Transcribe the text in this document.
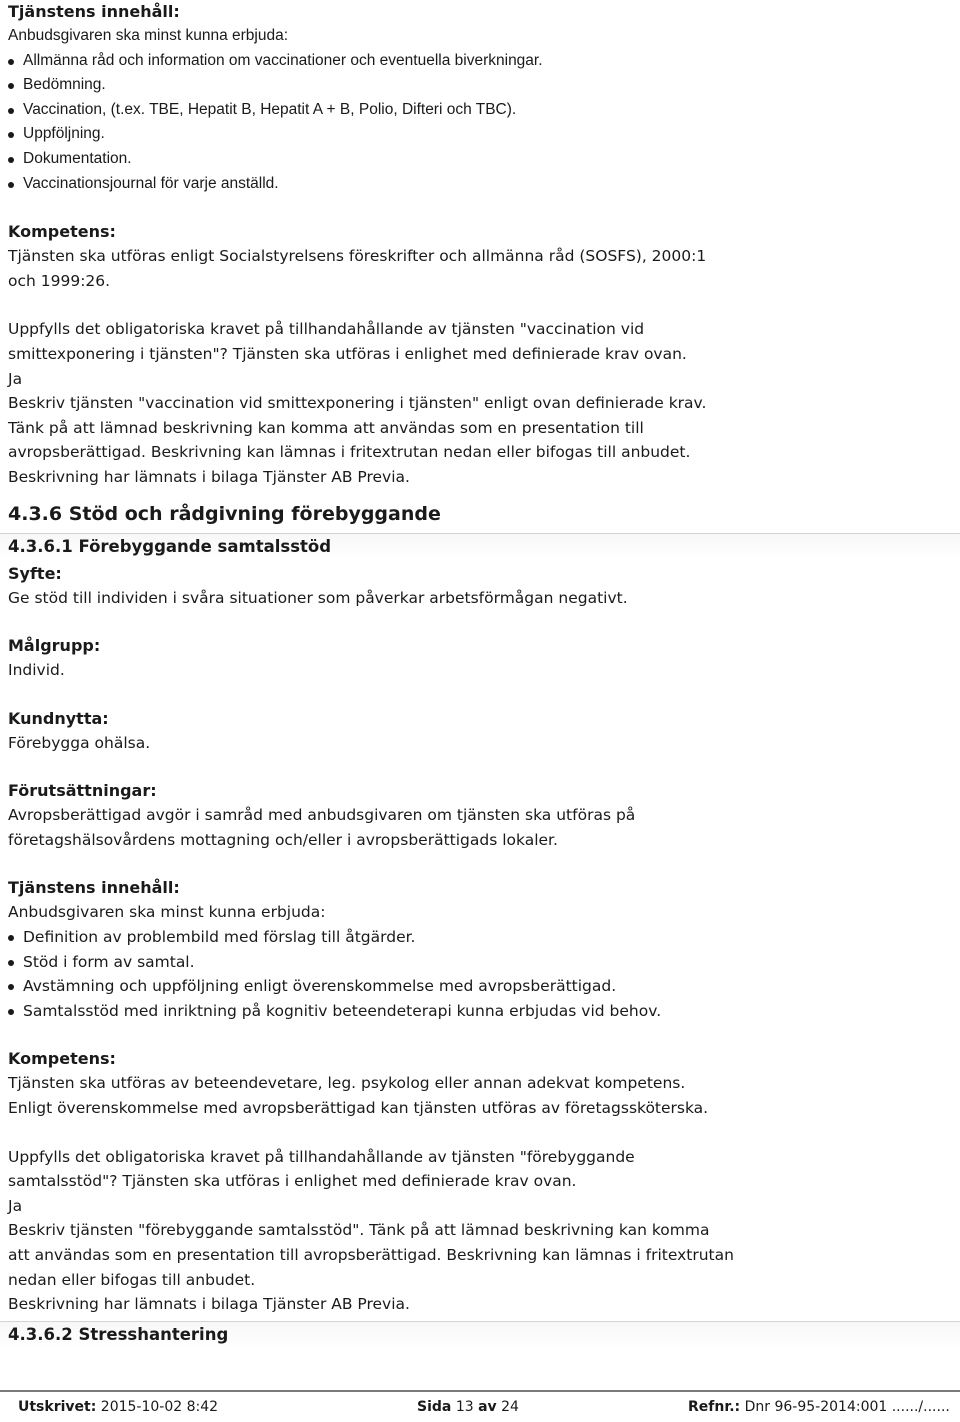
Tjänstens innehåll:
Anbudsgivaren ska minst kunna erbjuda:
Allmänna råd och information om vaccinationer och eventuella biverkningar.
Bedömning.
Vaccination, (t.ex. TBE, Hepatit B, Hepatit A + B, Polio, Difteri och TBC).
Uppföljning.
Dokumentation.
Vaccinationsjournal för varje anställd.
Kompetens:
Tjänsten ska utföras enligt Socialstyrelsens föreskrifter och allmänna råd (SOSFS), 2000:1
och 1999:26.
Uppfylls det obligatoriska kravet på tillhandahållande av tjänsten "vaccination vid
smittexponering i tjänsten"? Tjänsten ska utföras i enlighet med definierade krav ovan.
Ja
Beskriv tjänsten "vaccination vid smittexponering i tjänsten" enligt ovan definierade krav.
Tänk på att lämnad beskrivning kan komma att användas som en presentation till
avropsberättigad. Beskrivning kan lämnas i fritextrutan nedan eller bifogas till anbudet.
Beskrivning har lämnats i bilaga Tjänster AB Previa.
4.3.6 Stöd och rådgivning förebyggande
4.3.6.1 Förebyggande samtalsstöd
Syfte:
Ge stöd till individen i svåra situationer som påverkar arbetsförmågan negativt.
Målgrupp:
Individ.
Kundnytta:
Förebygga ohälsa.
Förutsättningar:
Avropsberättigad avgör i samråd med anbudsgivaren om tjänsten ska utföras på
företagshälsovårdens mottagning och/eller i avropsberättigads lokaler.
Tjänstens innehåll:
Anbudsgivaren ska minst kunna erbjuda:
Definition av problembild med förslag till åtgärder.
Stöd i form av samtal.
Avstämning och uppföljning enligt överenskommelse med avropsberättigad.
Samtalsstöd med inriktning på kognitiv beteendeterapi kunna erbjudas vid behov.
Kompetens:
Tjänsten ska utföras av beteendevetare, leg. psykolog eller annan adekvat kompetens.
Enligt överenskommelse med avropsberättigad kan tjänsten utföras av företagssköterska.
Uppfylls det obligatoriska kravet på tillhandahållande av tjänsten "förebyggande
samtalsstöd"? Tjänsten ska utföras i enlighet med definierade krav ovan.
Ja
Beskriv tjänsten "förebyggande samtalsstöd". Tänk på att lämnad beskrivning kan komma
att användas som en presentation till avropsberättigad. Beskrivning kan lämnas i fritextrutan
nedan eller bifogas till anbudet.
Beskrivning har lämnats i bilaga Tjänster AB Previa.
4.3.6.2 Stresshantering
Utskrivet: 2015-10-02 8:42	Sida 13 av 24	Refnr.: Dnr 96-95-2014:001 ....../......
